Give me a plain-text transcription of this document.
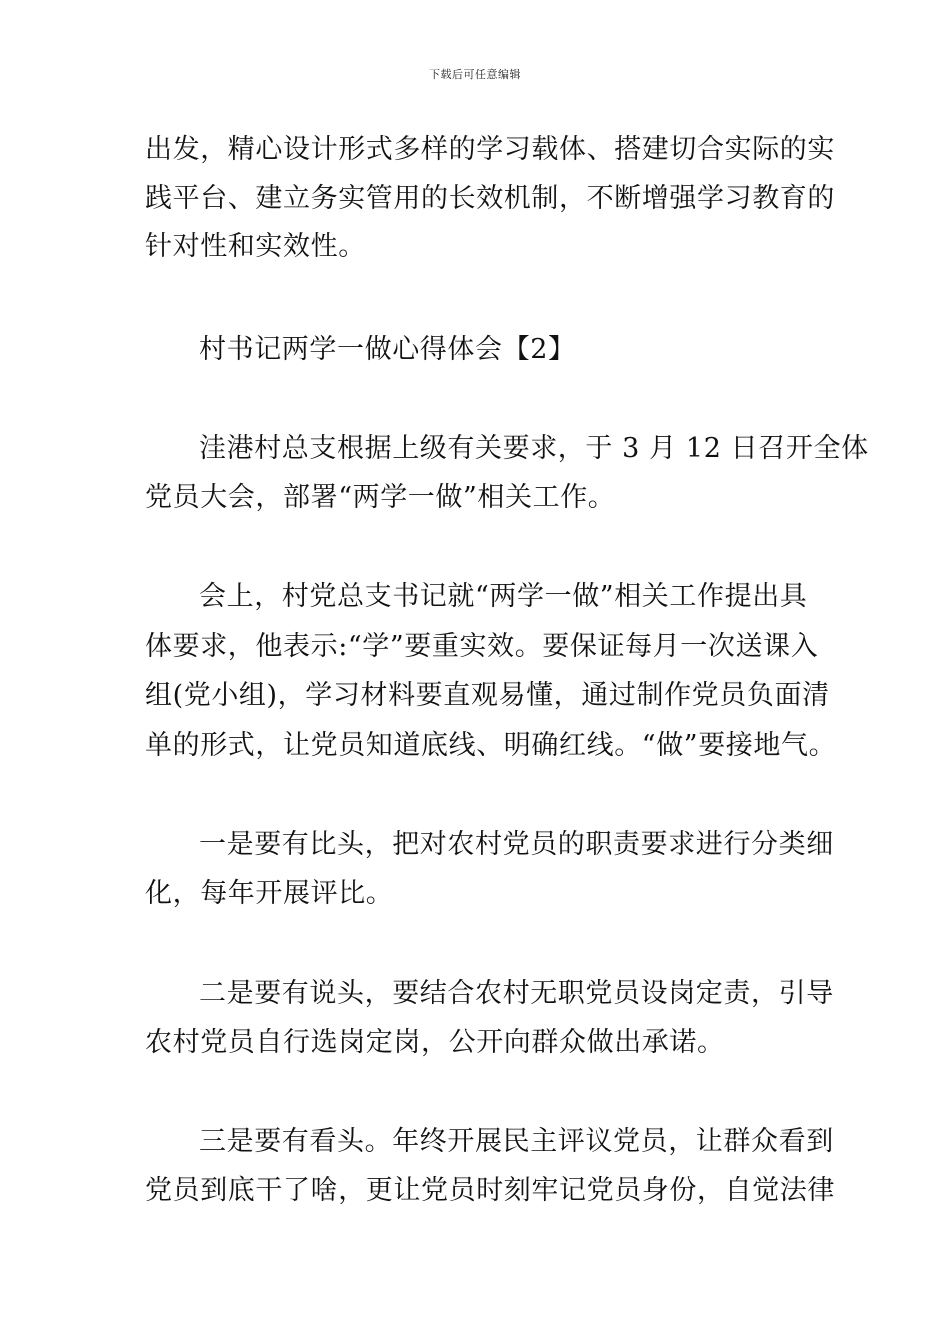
下载后可任意编辑
出发，精心设计形式多样的学习载体、搭建切合实际的实
践平台、建立务实管用的长效机制，不断增强学习教育的
针对性和实效性。
村书记两学一做心得体会【2】
洼港村总支根据上级有关要求，于 3 月 12 日召开全体
党员大会，部署“两学一做”相关工作。
会上，村党总支书记就“两学一做”相关工作提出具
体要求，他表示:“学”要重实效。要保证每月一次送课入
组(党小组)，学习材料要直观易懂，通过制作党员负面清
单的形式，让党员知道底线、明确红线。“做”要接地气。
一是要有比头，把对农村党员的职责要求进行分类细
化，每年开展评比。
二是要有说头，要结合农村无职党员设岗定责，引导
农村党员自行选岗定岗，公开向群众做出承诺。
三是要有看头。年终开展民主评议党员，让群众看到
党员到底干了啥，更让党员时刻牢记党员身份，自觉法律
